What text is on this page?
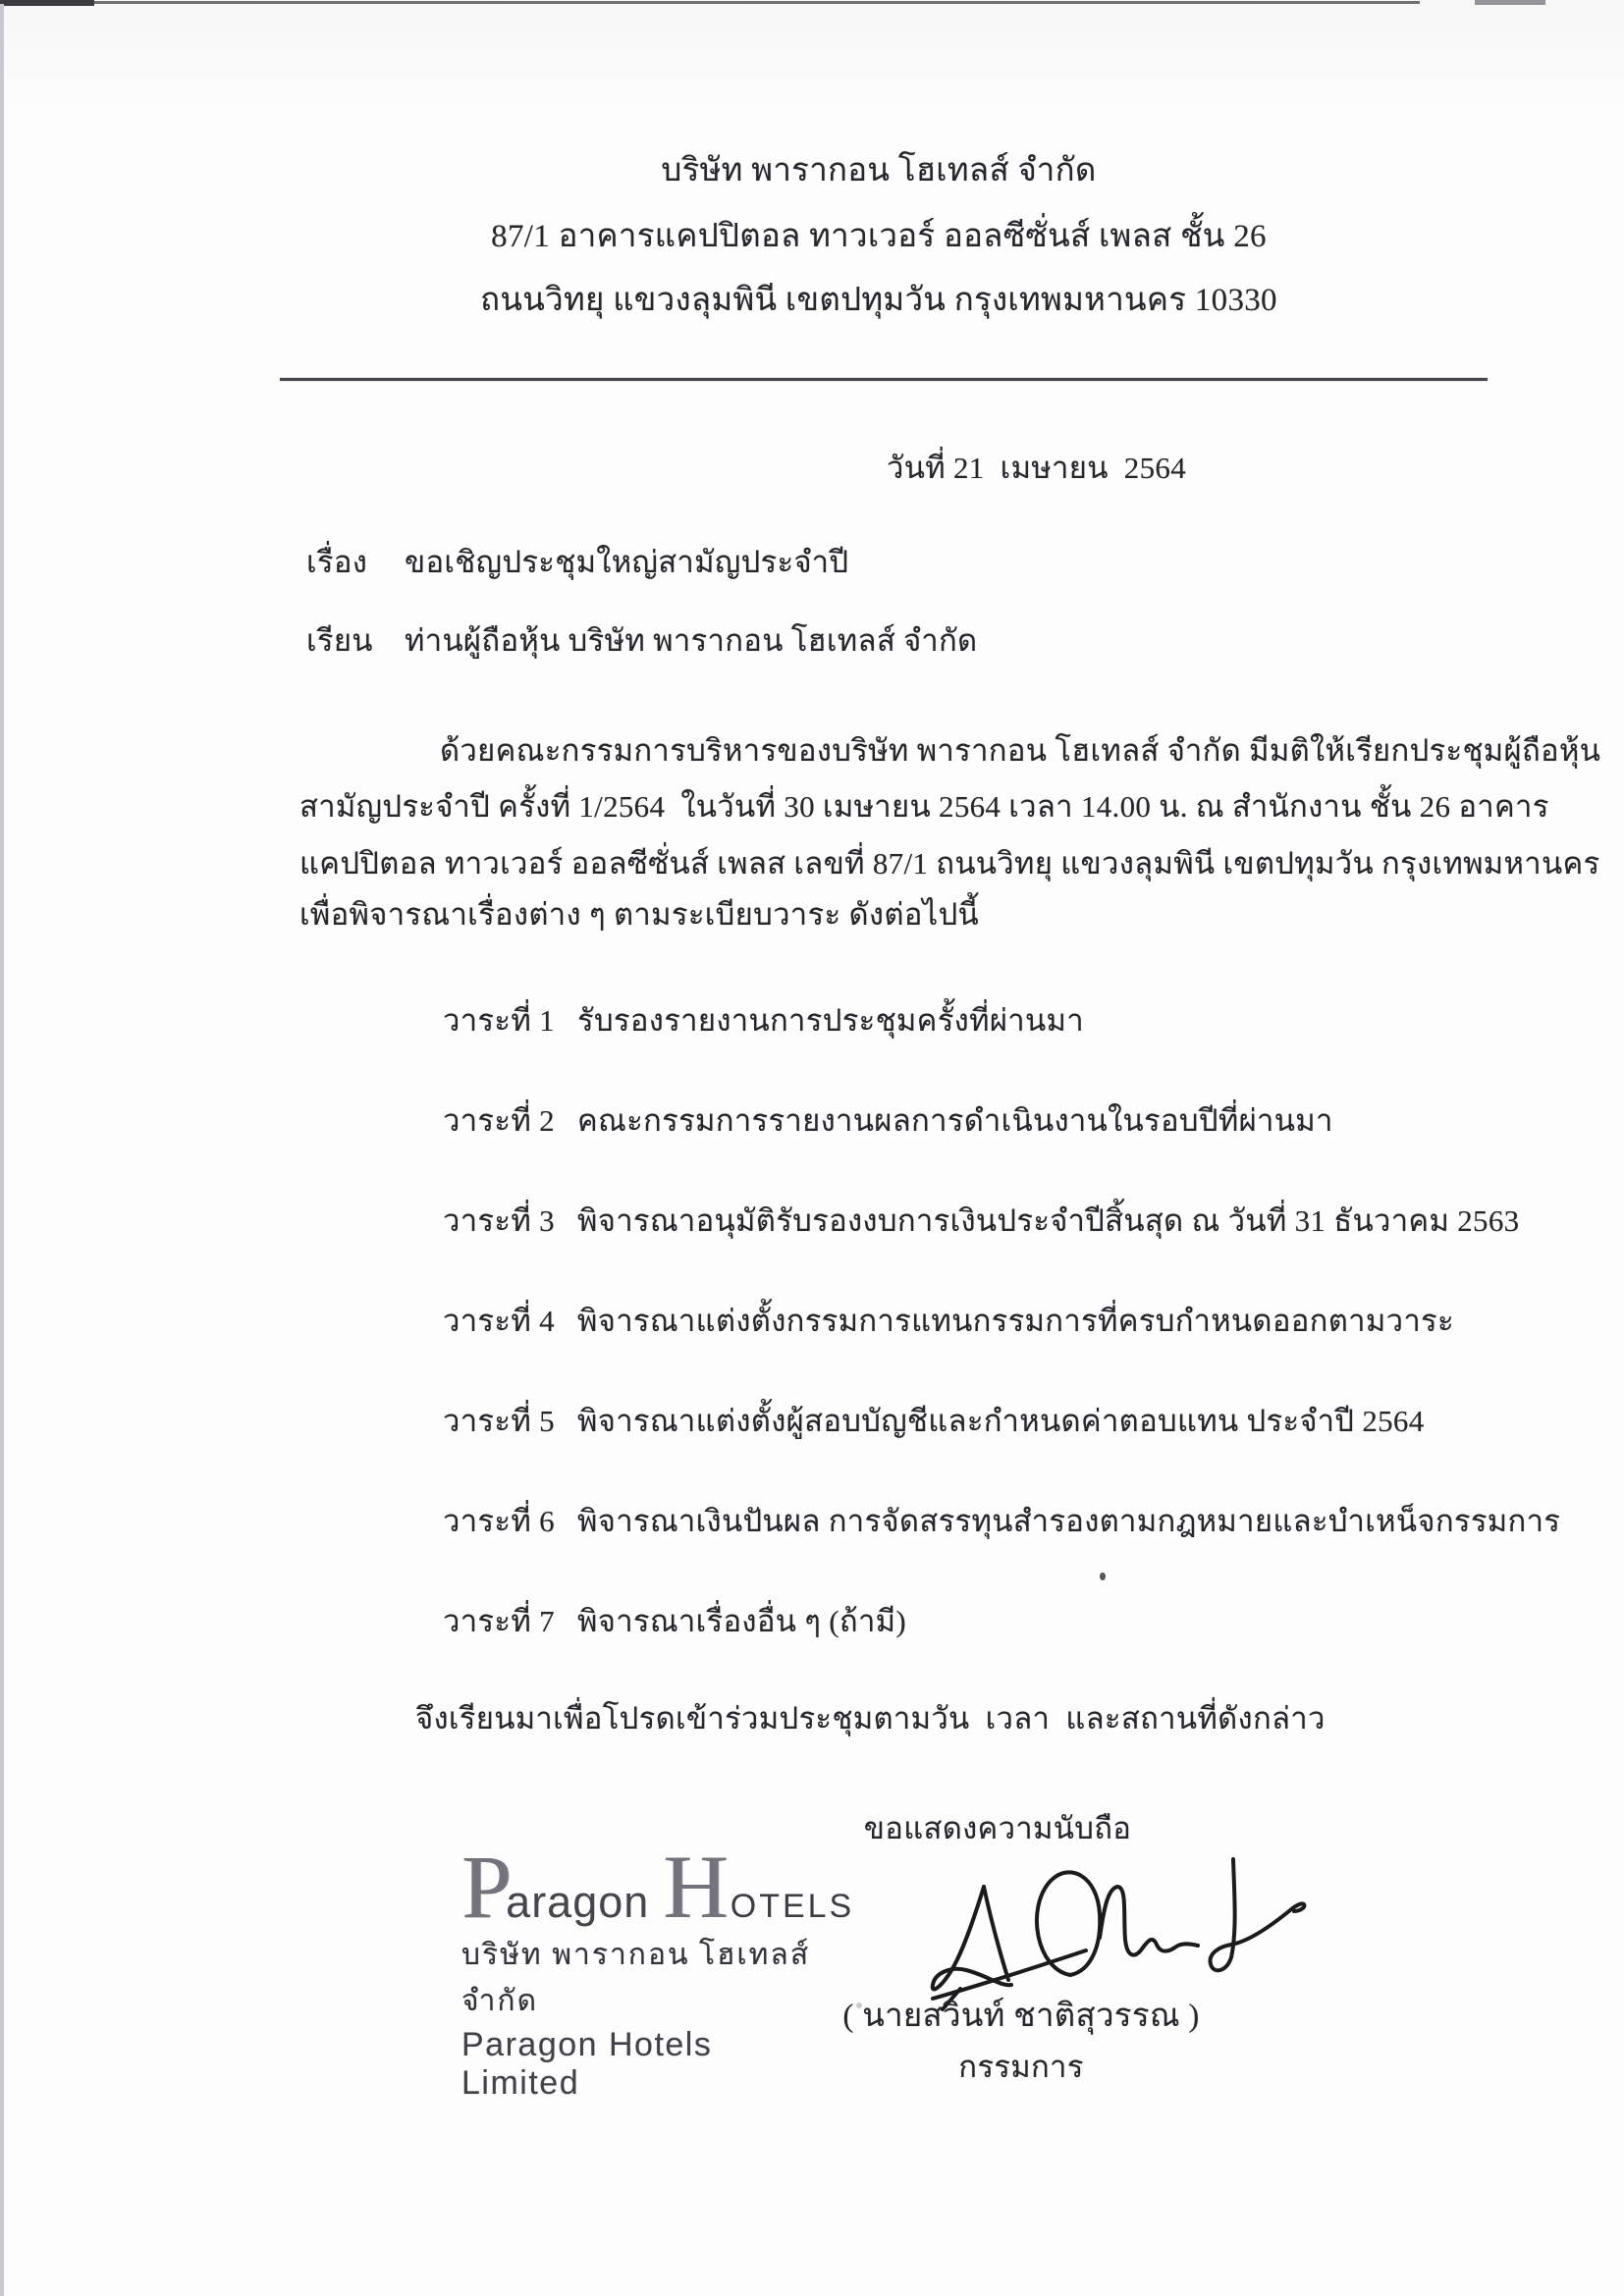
บริษัท พารากอน โฮเทลส์ จำกัด
87/1 อาคารแคปปิตอล ทาวเวอร์ ออลซีซั่นส์ เพลส ชั้น 26
ถนนวิทยุ แขวงลุมพินี เขตปทุมวัน กรุงเทพมหานคร 10330
วันที่ 21  เมษายน  2564
เรื่อง ขอเชิญประชุมใหญ่สามัญประจำปี
เรียน ท่านผู้ถือหุ้น บริษัท พารากอน โฮเทลส์ จำกัด
ด้วยคณะกรรมการบริหารของบริษัท พารากอน โฮเทลส์ จำกัด มีมติให้เรียกประชุมผู้ถือหุ้น
สามัญประจำปี ครั้งที่ 1/2564  ในวันที่ 30 เมษายน 2564 เวลา 14.00 น. ณ สำนักงาน ชั้น 26 อาคาร
แคปปิตอล ทาวเวอร์ ออลซีซั่นส์ เพลส เลขที่ 87/1 ถนนวิทยุ แขวงลุมพินี เขตปทุมวัน กรุงเทพมหานคร
เพื่อพิจารณาเรื่องต่าง ๆ ตามระเบียบวาระ ดังต่อไปนี้
วาระที่ 1 รับรองรายงานการประชุมครั้งที่ผ่านมา
วาระที่ 2 คณะกรรมการรายงานผลการดำเนินงานในรอบปีที่ผ่านมา
วาระที่ 3 พิจารณาอนุมัติรับรองงบการเงินประจำปีสิ้นสุด ณ วันที่ 31 ธันวาคม 2563
วาระที่ 4 พิจารณาแต่งตั้งกรรมการแทนกรรมการที่ครบกำหนดออกตามวาระ
วาระที่ 5 พิจารณาแต่งตั้งผู้สอบบัญชีและกำหนดค่าตอบแทน ประจำปี 2564
วาระที่ 6 พิจารณาเงินปันผล การจัดสรรทุนสำรองตามกฎหมายและบำเหน็จกรรมการ
วาระที่ 7 พิจารณาเรื่องอื่น ๆ (ถ้ามี)
จึงเรียนมาเพื่อโปรดเข้าร่วมประชุมตามวัน  เวลา  และสถานที่ดังกล่าว
ขอแสดงความนับถือ
P
aragon H OTELS
บริษัท พารากอน โฮเทลส์ จำกัด
Paragon Hotels Limited
( นายสวินท์ ชาติสุวรรณ )
กรรมการ
